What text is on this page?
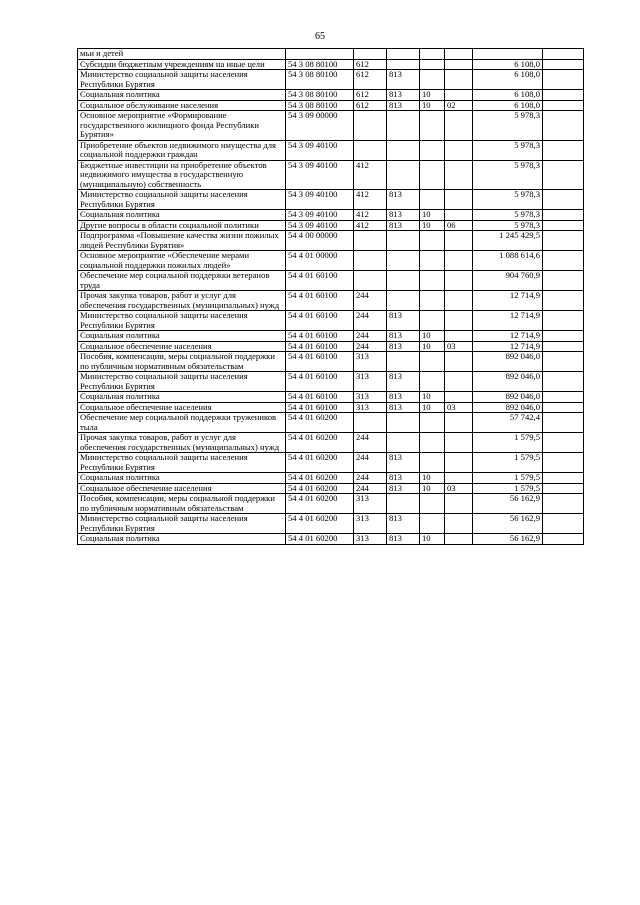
65
мьи и детей							
Субсидии бюджетным учреждениям на иные цели	54 3 08 80100	612				6 108,0	
Министерство социальной защиты населения Республики Бурятия	54 3 08 80100	612	813			6 108,0	
Социальная политика	54 3 08 80100	612	813	10		6 108,0	
Социальное обслуживание населения	54 3 08 80100	612	813	10	02	6 108,0	
Основное мероприятие «Формирование государственного жилищного фонда Республики Бурятия»	54 3 09 00000					5 978,3	
Приобретение объектов недвижимого имущества для социальной поддержки граждан	54 3 09 40100					5 978,3	
Бюджетные инвестиции на приобретение объектов недвижимого имущества в государственную (муниципальную) собственность	54 3 09 40100	412				5 978,3	
Министерство социальной защиты населения Республики Бурятия	54 3 09 40100	412	813			5 978,3	
Социальная политика	54 3 09 40100	412	813	10		5 978,3	
Другие вопросы в области социальной политики	54 3 09 40100	412	813	10	06	5 978,3	
Подпрограмма «Повышение качества жизни пожилых людей Республики Бурятия»	54 4 00 00000					1 245 429,5	
Основное мероприятие «Обеспечение мерами социальной поддержки пожилых людей»	54 4 01 00000					1 088 614,6	
Обеспечение мер социальной поддержки ветеранов труда	54 4 01 60100					904 760,9	
Прочая закупка товаров, работ и услуг для обеспечения государственных (муниципальных) нужд	54 4 01 60100	244				12 714,9	
Министерство социальной защиты населения Республики Бурятия	54 4 01 60100	244	813			12 714,9	
Социальная политика	54 4 01 60100	244	813	10		12 714,9	
Социальное обеспечение населения	54 4 01 60100	244	813	10	03	12 714,9	
Пособия, компенсации, меры социальной поддержки по публичным нормативным обязательствам	54 4 01 60100	313				892 046,0	
Министерство социальной защиты населения Республики Бурятия	54 4 01 60100	313	813			892 046,0	
Социальная политика	54 4 01 60100	313	813	10		892 046,0	
Социальное обеспечение населения	54 4 01 60100	313	813	10	03	892 046,0	
Обеспечение мер социальной поддержки тружеников тыла	54 4 01 60200					57 742,4	
Прочая закупка товаров, работ и услуг для обеспечения государственных (муниципальных) нужд	54 4 01 60200	244				1 579,5	
Министерство социальной защиты населения Республики Бурятия	54 4 01 60200	244	813			1 579,5	
Социальная политика	54 4 01 60200	244	813	10		1 579,5	
Социальное обеспечение населения	54 4 01 60200	244	813	10	03	1 579,5	
Пособия, компенсации, меры социальной поддержки по публичным нормативным обязательствам	54 4 01 60200	313				56 162,9	
Министерство социальной защиты населения Республики Бурятия	54 4 01 60200	313	813			56 162,9	
Социальная политика	54 4 01 60200	313	813	10		56 162,9	
